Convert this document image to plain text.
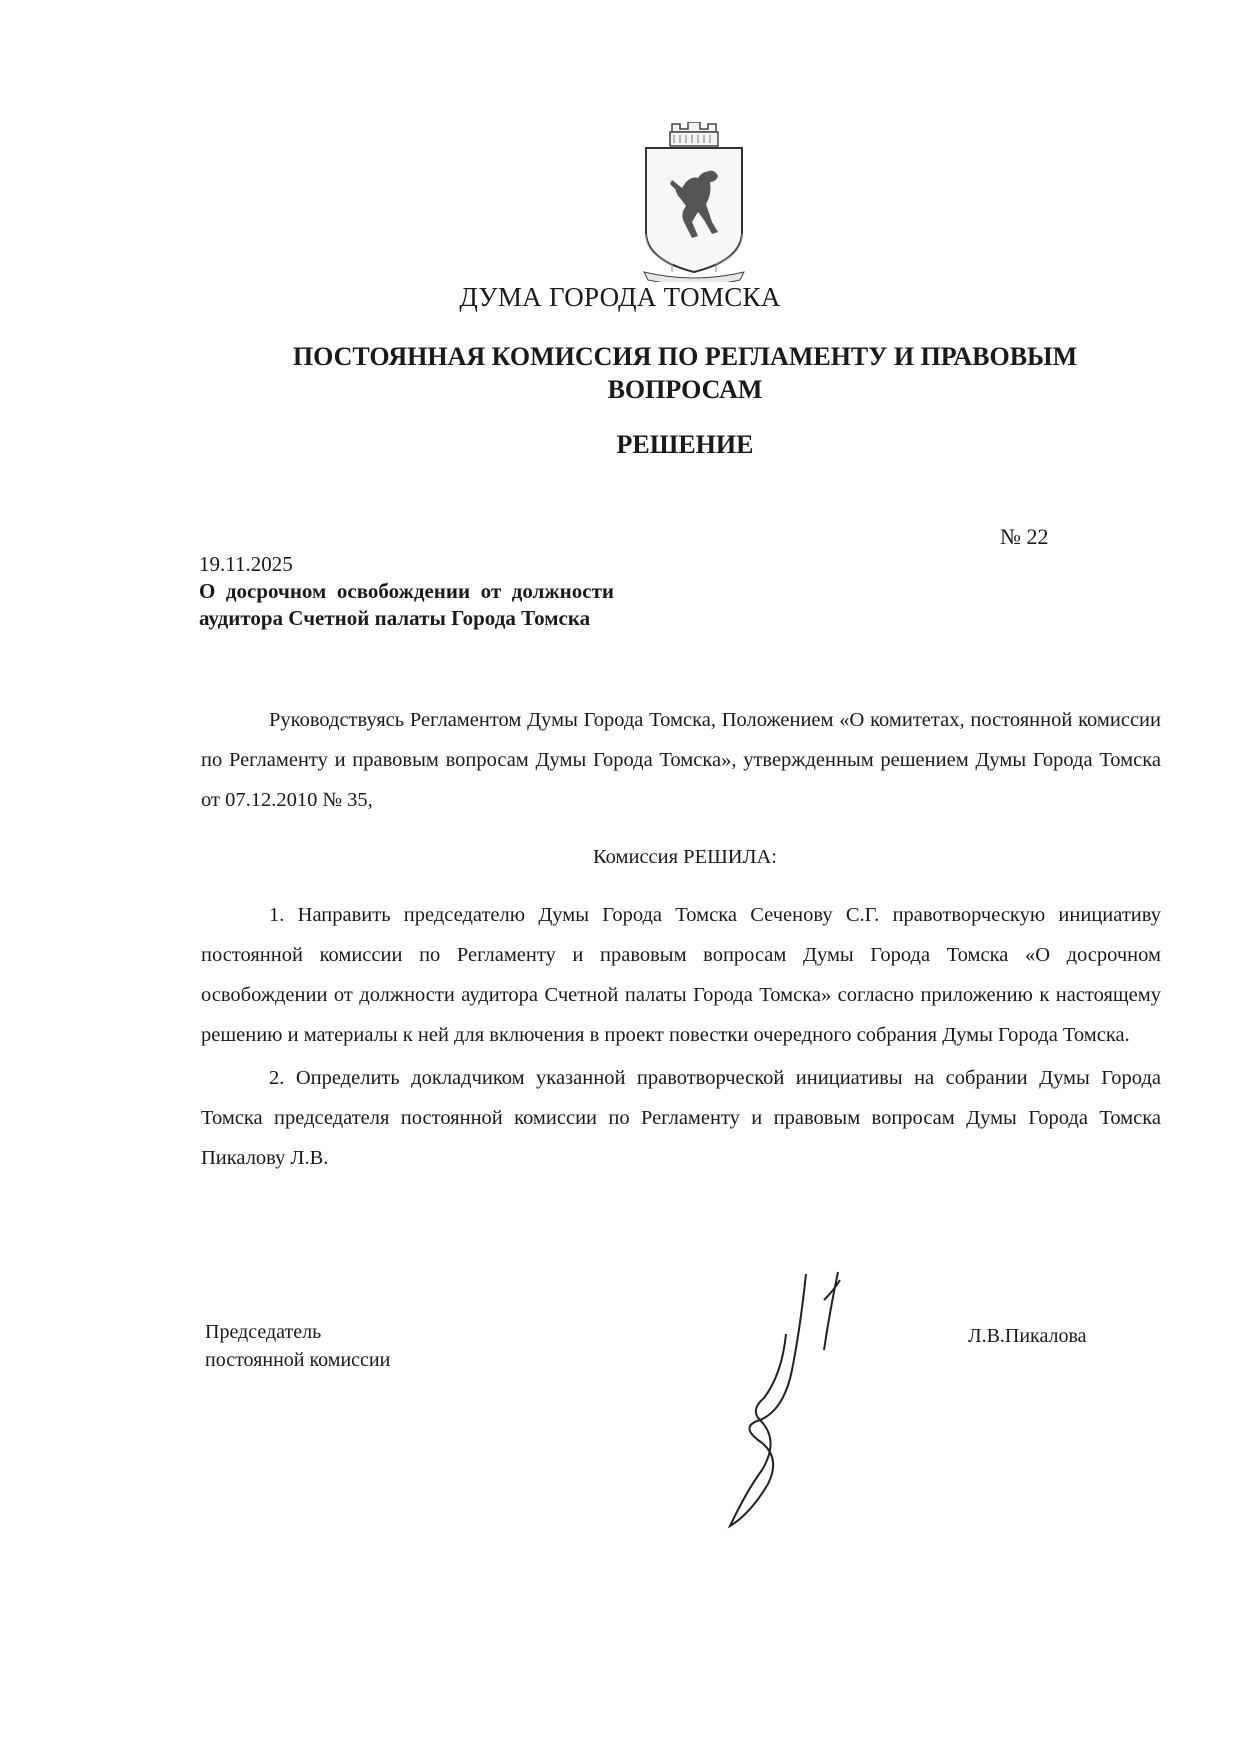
ДУМА ГОРОДА ТОМСКА
ПОСТОЯННАЯ КОМИССИЯ ПО РЕГЛАМЕНТУ И ПРАВОВЫМ ВОПРОСАМ
РЕШЕНИЕ
№ 22
19.11.2025
О досрочном освобождении от должности аудитора Счетной палаты Города Томска

Руководствуясь Регламентом Думы Города Томска, Положением «О комитетах, постоянной комиссии по Регламенту и правовым вопросам Думы Города Томска», утвержденным решением Думы Города Томска от 07.12.2010 № 35,

Комиссия РЕШИЛА:

1. Направить председателю Думы Города Томска Сеченову С.Г. правотворческую инициативу постоянной комиссии по Регламенту и правовым вопросам Думы Города Томска «О досрочном освобождении от должности аудитора Счетной палаты Города Томска» согласно приложению к настоящему решению и материалы к ней для включения в проект повестки очередного собрания Думы Города Томска.

2. Определить докладчиком указанной правотворческой инициативы на собрании Думы Города Томска председателя постоянной комиссии по Регламенту и правовым вопросам Думы Города Томска Пикалову Л.В.

Председатель
постоянной комиссии
Л.В.Пикалова
